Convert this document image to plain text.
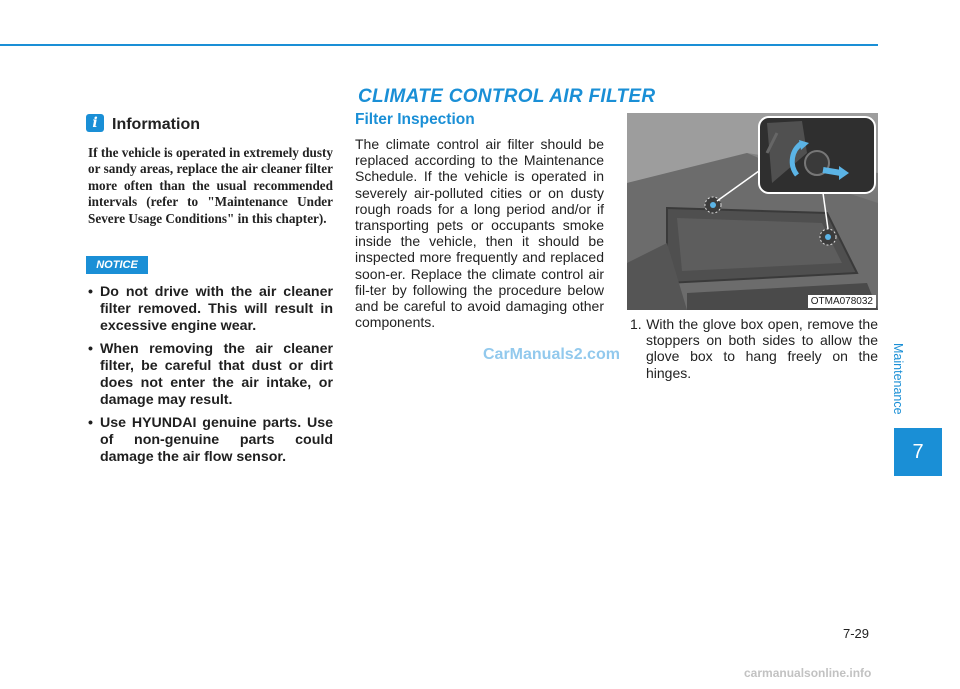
CLIMATE CONTROL AIR FILTER
i Information

If the vehicle is operated in extremely dusty or sandy areas, replace the air cleaner filter more often than the usual recommended intervals (refer to "Maintenance Under Severe Usage Conditions" in this chapter).

NOTICE
• Do not drive with the air cleaner filter removed. This will result in excessive engine wear.
• When removing the air cleaner filter, be careful that dust or dirt does not enter the air intake, or damage may result.
• Use HYUNDAI genuine parts. Use of non-genuine parts could damage the air flow sensor.
Filter Inspection

The climate control air filter should be replaced according to the Maintenance Schedule. If the vehicle is operated in severely air-polluted cities or on dusty rough roads for a long period and/or if transporting pets or occupants smoke inside the vehicle, then it should be inspected more frequently and replaced soon-er. Replace the climate control air fil-ter by following the procedure below and be careful to avoid damaging other components.

CarManuals2.com
OTMA078032
1. With the glove box open, remove the stoppers on both sides to allow the glove box to hang freely on the hinges.	Maintenance
7
7-29
carmanualsonline.info
